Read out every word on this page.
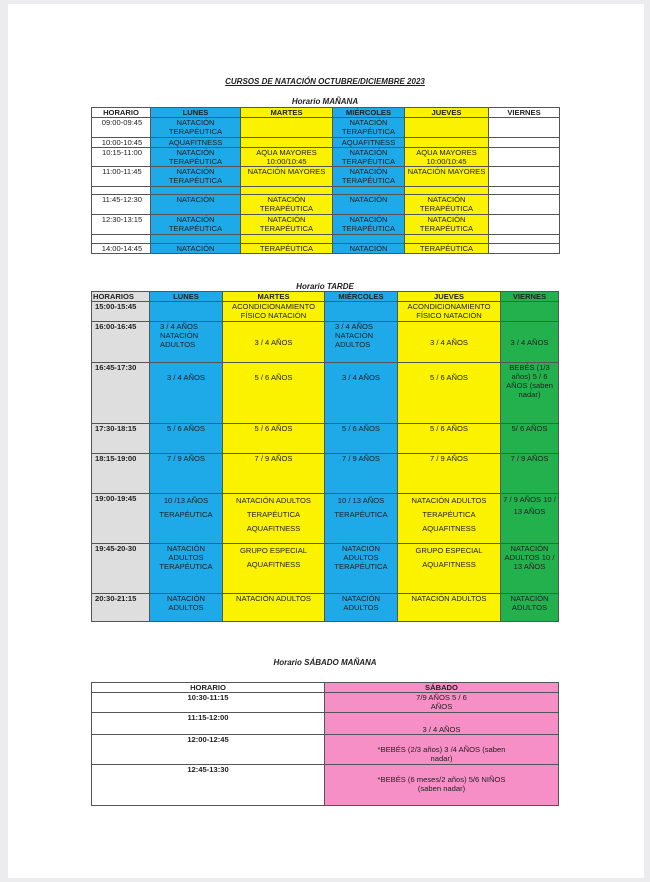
CURSOS DE NATACIÓN OCTUBRE/DICIEMBRE 2023
Horario MAÑANA
HORARIO	LUNES	MARTES	MIÉRCOLES	JUEVES	VIERNES
09:00-09:45	NATACIÓN TERAPÉUTICA		NATACIÓN TERAPÉUTICA		
10:00-10:45	AQUAFITNESS		AQUAFITNESS		
10:15-11:00	NATACIÓN TERAPÉUTICA	AQUA MAYORES 10:00/10:45	NATACIÓN TERAPÉUTICA	AQUA MAYORES 10:00/10:45	
11:00-11:45	NATACIÓN TERAPÉUTICA	NATACIÓN MAYORES	NATACIÓN TERAPÉUTICA	NATACIÓN MAYORES	

11:45-12:30	NATACIÓN	NATACIÓN TERAPÉUTICA	NATACIÓN	NATACIÓN TERAPÉUTICA	
12:30-13:15	NATACIÓN TERAPÉUTICA	NATACIÓN TERAPÉUTICA	NATACIÓN TERAPÉUTICA	NATACIÓN TERAPÉUTICA	

14:00-14:45	NATACIÓN	TERAPÉUTICA	NATACIÓN	TERAPÉUTICA	
Horario TARDE
HORARIOS	LUNES	MARTES	MIÉRCOLES	JUEVES	VIERNES
15:00-15:45		ACONDICIONAMIENTO FÍSICO NATACIÓN		ACONDICIONAMIENTO FÍSICO NATACIÓN	
16:00-16:45	3 / 4 AÑOS NATACIÓN ADULTOS	3 / 4 AÑOS	3 / 4 AÑOS NATACIÓN ADULTOS	3 / 4 AÑOS	3 / 4 AÑOS
16:45-17:30	3 / 4 AÑOS	5 / 6 AÑOS	3 / 4 AÑOS	5 / 6 AÑOS	BEBÉS (1/3 años) 5 / 6 AÑOS (saben nadar)
17:30-18:15	5 / 6 AÑOS	5 / 6 AÑOS	5 / 6 AÑOS	5 / 6 AÑOS	5/ 6 AÑOS
18:15-19:00	7 / 9 AÑOS	7 / 9 AÑOS	7 / 9 AÑOS	7 / 9 AÑOS	7 / 9 AÑOS
19:00-19:45	10 /13 AÑOS TERAPÉUTICA	NATACIÓN ADULTOS TERAPÉUTICA AQUAFITNESS	10 / 13 AÑOS TERAPÉUTICA	NATACIÓN ADULTOS TERAPÉUTICA AQUAFITNESS	7 / 9 AÑOS 10 / 13 AÑOS
19:45-20-30	NATACIÓN ADULTOS TERAPÉUTICA	GRUPO ESPECIAL AQUAFITNESS	NATACIÓN ADULTOS TERAPÉUTICA	GRUPO ESPECIAL AQUAFITNESS	NATACIÓN ADULTOS 10 / 13 AÑOS
20:30-21:15	NATACIÓN ADULTOS	NATACIÓN ADULTOS	NATACIÓN ADULTOS	NATACIÓN ADULTOS	NATACIÓN ADULTOS
Horario SÁBADO MAÑANA
HORARIO	SÁBADO
10:30-11:15	7/9 AÑOS 5 / 6 AÑOS
11:15-12:00	3 / 4 AÑOS
12:00-12:45	*BEBÉS (2/3 años) 3 /4 AÑOS (saben nadar)
12:45-13:30	*BEBÉS (6 meses/2 años) 5/6 NIÑOS (saben nadar)
